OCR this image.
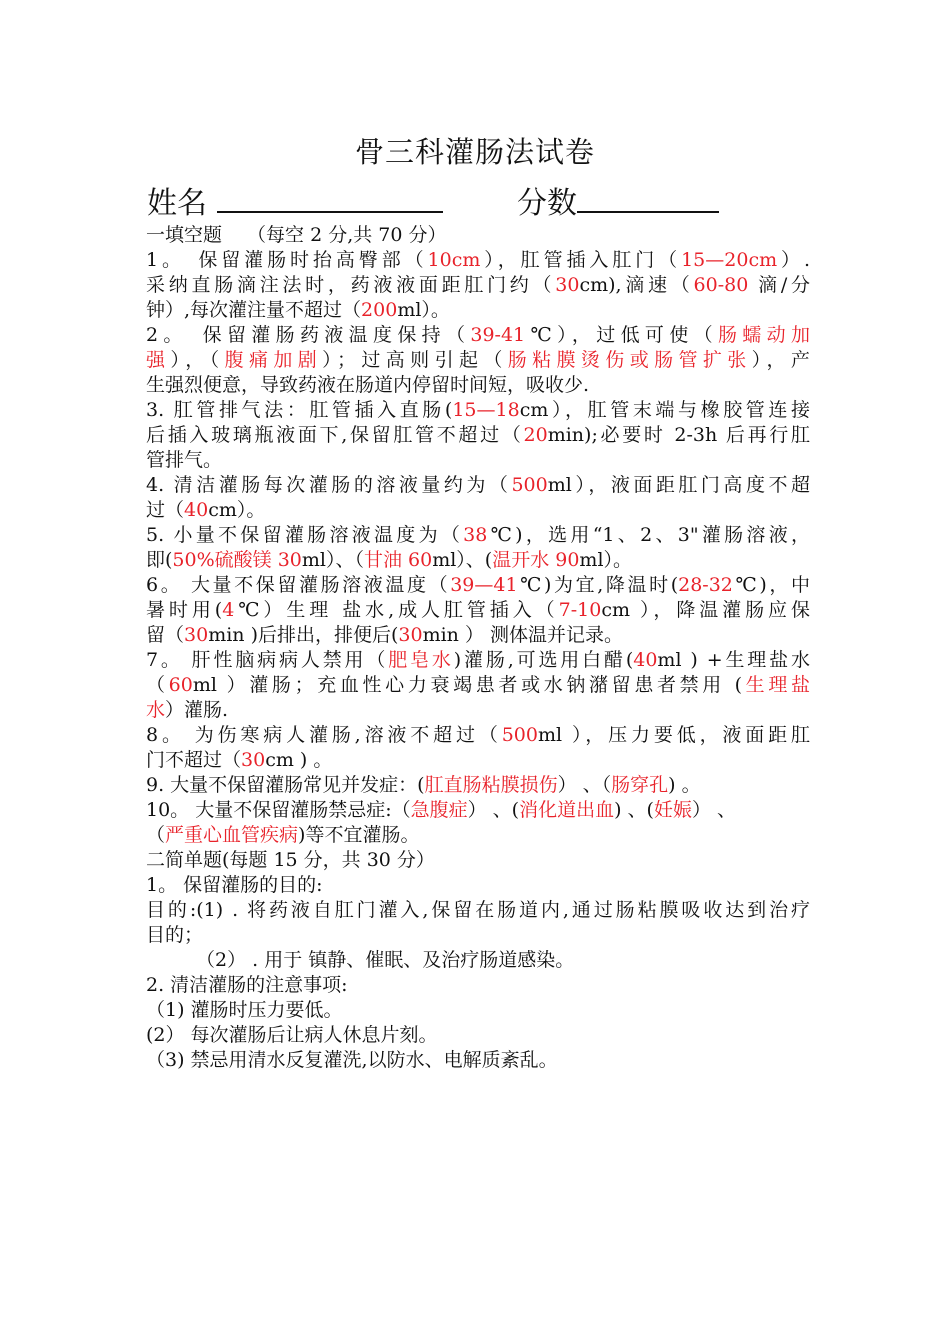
骨三科灌肠法试卷
姓名	分数
一填空题　 （每空 2 分,共 70 分）
1。　保留灌肠时抬高臀部（10cm），肛管插入肛门（15—20cm）.
采纳直肠滴注法时，药液液面距肛门约（30cm),滴速（60-80 滴/分
钟）,每次灌注量不超过（200ml）。
2。　保留灌肠药液温度保持（39-41℃），过低可使（肠蠕动加
强），（腹痛加剧）；过高则引起（肠粘膜烫伤或肠管扩张），产
生强烈便意，导致药液在肠道内停留时间短，吸收少.
3. 肛管排气法：肛管插入直肠(15—18cm），肛管末端与橡胶管连接
后插入玻璃瓶液面下,保留肛管不超过（20min);必要时 2-3h 后再行肛
管排气。
4. 清洁灌肠每次灌肠的溶液量约为（500ml），液面距肛门高度不超
过（40cm）。
5. 小量不保留灌肠溶液温度为（38℃)，选用“1、2、3"灌肠溶液，
即(50%硫酸镁 30ml）、（甘油 60ml）、(温开水 90ml）。
6。 大量不保留灌肠溶液温度（39—41℃)为宜,降温时(28-32℃)，中
暑时用(4℃）生理 盐水,成人肛管插入（7-10cm ），降温灌肠应保
留（30min )后排出，排便后(30min ） 测体温并记录。
7。 肝性脑病病人禁用（肥皂水)灌肠,可选用白醋(40ml ) +生理盐水
（60ml ）灌肠；充血性心力衰竭患者或水钠潴留患者禁用 (生理盐
水）灌肠.
8。 为伤寒病人灌肠,溶液不超过（500ml ），压力要低，液面距肛
门不超过（30cm ) 。
9. 大量不保留灌肠常见并发症：(肛直肠粘膜损伤） 、（肠穿孔) 。
10。 大量不保留灌肠禁忌症:（急腹症） 、(消化道出血) 、(妊娠） 、
（严重心血管疾病)等不宜灌肠。
二简单题(每题 15 分，共 30 分）
1。 保留灌肠的目的:
目的:(1) . 将药液自肛门灌入,保留在肠道内,通过肠粘膜吸收达到治疗
目的；
（2） . 用于 镇静、催眠、及治疗肠道感染。
2. 清洁灌肠的注意事项:
（1) 灌肠时压力要低。
(2） 每次灌肠后让病人休息片刻。
（3) 禁忌用清水反复灌洗,以防水、电解质紊乱。
